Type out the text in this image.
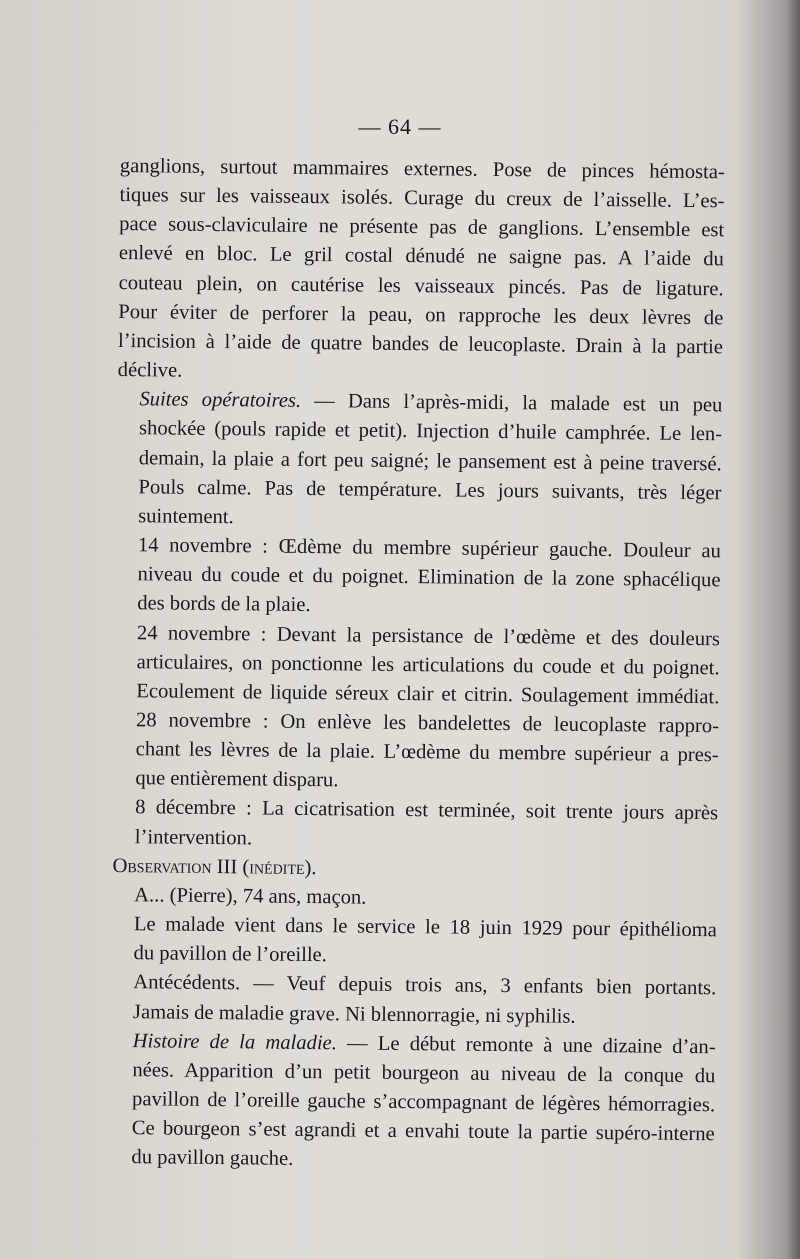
— 64 —

ganglions, surtout mammaires externes. Pose de pinces hémosta-
tiques sur les vaisseaux isolés. Curage du creux de l’aisselle. L’es-
pace sous-claviculaire ne présente pas de ganglions. L’ensemble est
enlevé en bloc. Le gril costal dénudé ne saigne pas. A l’aide du
couteau plein, on cautérise les vaisseaux pincés. Pas de ligature.
Pour éviter de perforer la peau, on rapproche les deux lèvres de
l’incision à l’aide de quatre bandes de leucoplaste. Drain à la partie
déclive.

Suites opératoires. — Dans l’après-midi, la malade est un peu
shockée (pouls rapide et petit). Injection d’huile camphrée. Le len-
demain, la plaie a fort peu saigné; le pansement est à peine traversé.
Pouls calme. Pas de température. Les jours suivants, très léger
suintement.

14 novembre : Œdème du membre supérieur gauche. Douleur au
niveau du coude et du poignet. Elimination de la zone sphacélique
des bords de la plaie.

24 novembre : Devant la persistance de l’œdème et des douleurs
articulaires, on ponctionne les articulations du coude et du poignet.
Ecoulement de liquide séreux clair et citrin. Soulagement immédiat.

28 novembre : On enlève les bandelettes de leucoplaste rappro-
chant les lèvres de la plaie. L’œdème du membre supérieur a pres-
que entièrement disparu.

8 décembre : La cicatrisation est terminée, soit trente jours après
l’intervention.

Observation III (inédite).

A... (Pierre), 74 ans, maçon.

Le malade vient dans le service le 18 juin 1929 pour épithélioma
du pavillon de l’oreille.

Antécédents. — Veuf depuis trois ans, 3 enfants bien portants.
Jamais de maladie grave. Ni blennorragie, ni syphilis.

Histoire de la maladie. — Le début remonte à une dizaine d’an-
nées. Apparition d’un petit bourgeon au niveau de la conque du
pavillon de l’oreille gauche s’accompagnant de légères hémorragies.
Ce bourgeon s’est agrandi et a envahi toute la partie supéro-interne
du pavillon gauche.
